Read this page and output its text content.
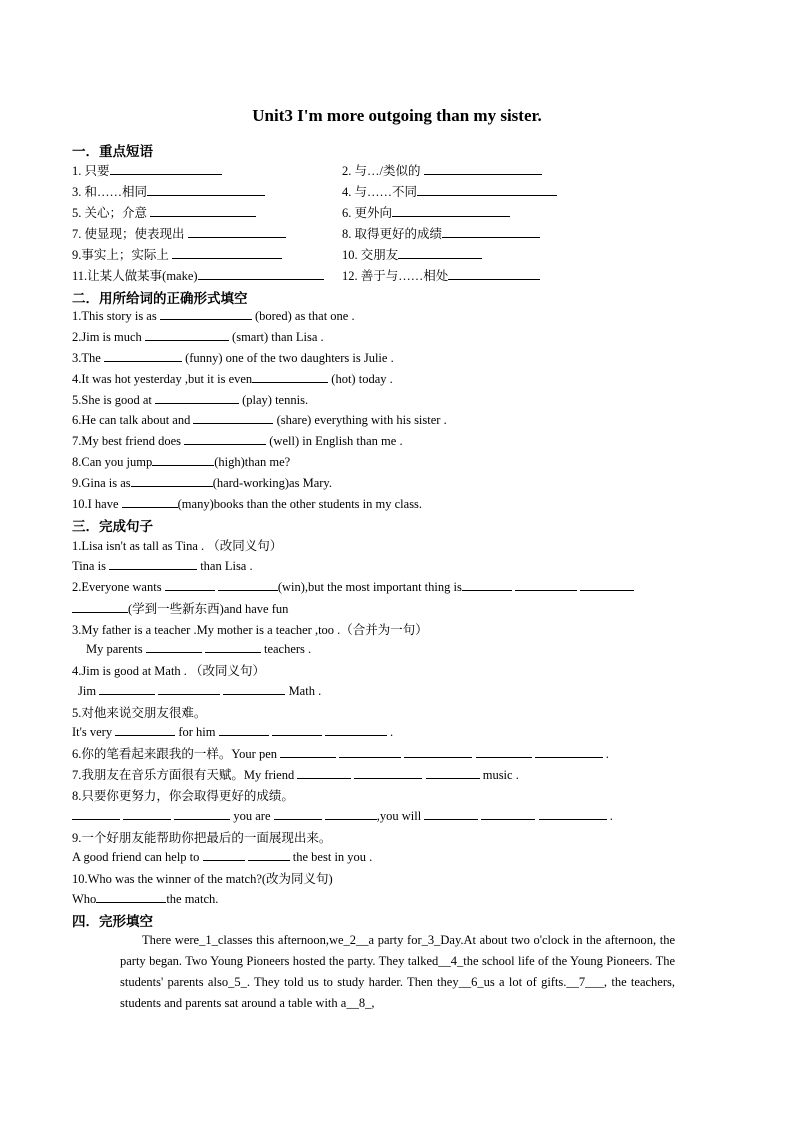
Unit3 I'm more outgoing than my sister.
一．重点短语
1. 只要	2. 与…/类似的
3. 和……相同	4. 与……不同
5. 关心；介意	6. 更外向
7. 使显现；使表现出	8. 取得更好的成绩
9.事实上；实际上	10. 交朋友
11.让某人做某事(make)	12. 善于与……相处
二．用所给词的正确形式填空
1.This story is as	(bored) as that one .
2.Jim is much	(smart) than Lisa .
3.The	(funny) one of the two daughters is Julie .
4.It was hot yesterday ,but it is even	(hot) today .
5.She is good at	(play) tennis.
6.He can talk about and	(share) everything with his sister .
7.My best friend does	(well) in English than me .
8.Can you jump	(high)than me?
9.Gina is as	(hard-working)as Mary.
10.I have	(many)books than the other students in my class.
三．完成句子
1.Lisa isn't as tall as Tina . （改同义句）
Tina is	than Lisa .
2.Everyone wants	(win),but the most important thing is
(学到一些新东西)and have fun
3.My father is a teacher .My mother is a teacher ,too .（合并为一句）
My parents	teachers .
4.Jim is good at Math . （改同义句）
Jim	Math .
5.对他来说交朋友很难。
It's very	for him	.
6.你的笔看起来跟我的一样。Your pen	.
7.我朋友在音乐方面很有天赋。My friend	music .
8.只要你更努力，你会取得更好的成绩。
you are	,you will	.
9.一个好朋友能帮助你把最后的一面展现出来。
A good friend can help to	the best in you .
10.Who was the winner of the match?(改为同义句)
Who	the match.
四．完形填空
There were_1_classes this afternoon,we_2__a party for_3_Day.At about two o'clock in the afternoon, the party began. Two Young Pioneers hosted the party. They talked__4_the school life of the Young Pioneers. The students' parents also_5_. They told us to study harder. Then they__6_us a lot of gifts.__7___, the teachers, students and parents sat around a table with a__8_,
